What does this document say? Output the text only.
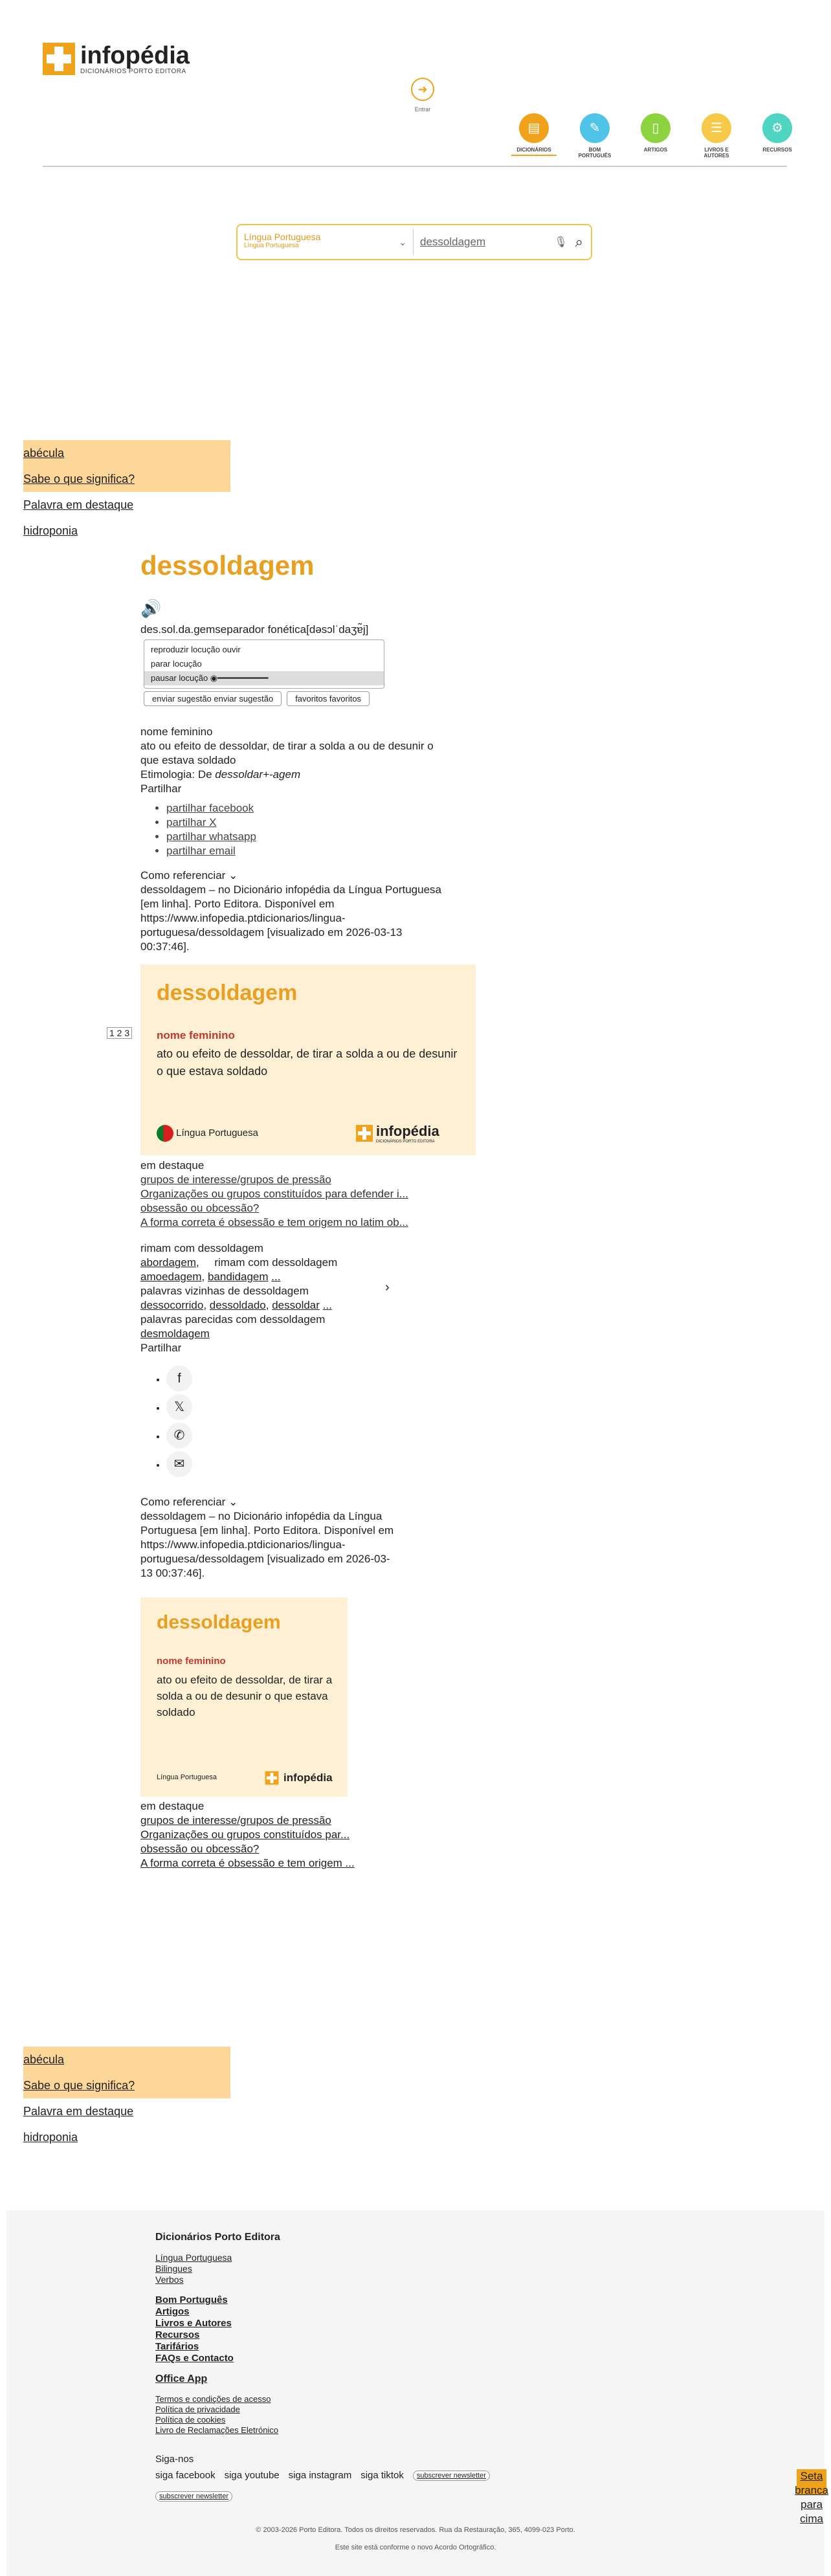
infopédia
DICIONÁRIOS PORTO EDITORA
➜
Entrar
▤
DICIONÁRIOS
✎
BOM PORTUGUÊS
▯
ARTIGOS
☰
LIVROS E AUTORES
⚙
RECURSOS
Língua Portuguesa
Língua Portuguesa	⌄	dessoldagem	🎙 ⌕
abécula
Sabe o que significa?
Palavra em destaque
hidroponia
dessoldagem
🔊
des.sol.da.gemseparador fonética[dəsɔlˈdaʒɐ̃j]
reproduzir locução ouvir
parar locução
pausar locução ◉━━━━━━━━━━
enviar sugestão enviar sugestão	favoritos favoritos
nome feminino
ato ou efeito de dessoldar, de tirar a solda a ou de desunir o que estava soldado
Etimologia: De dessoldar+-agem
Partilhar
• partilhar facebook
• partilhar X
• partilhar whatsapp
• partilhar email
Como referenciar ⌄
dessoldagem – no Dicionário infopédia da Língua Portuguesa [em linha]. Porto Editora. Disponível em https://www.infopedia.ptdicionarios/lingua-portuguesa/dessoldagem [visualizado em 2026-03-13 00:37:46].
1 2 3
dessoldagem
nome feminino
ato ou efeito de dessoldar, de tirar a solda a ou de desunir o que estava soldado
Língua Portuguesa	infopédia
DICIONÁRIOS PORTO EDITORA
em destaque
grupos de interesse/grupos de pressão
Organizações ou grupos constituídos para defender i...
obsessão ou obcessão?
A forma correta é obsessão e tem origem no latim ob...
rimam com dessoldagem
abordagem,     rimam com dessoldagem
amoedagem, bandidagem ...
palavras vizinhas de dessoldagem
dessocorrido, dessoldado, dessoldar ...
palavras parecidas com dessoldagem
desmoldagem
Partilhar
›
• f
• 𝕏
• ✆
• ✉
Como referenciar ⌄
dessoldagem – no Dicionário infopédia da Língua Portuguesa [em linha]. Porto Editora. Disponível em https://www.infopedia.ptdicionarios/lingua-portuguesa/dessoldagem [visualizado em 2026-03-13 00:37:46].
dessoldagem
nome feminino
ato ou efeito de dessoldar, de tirar a solda a ou de desunir o que estava soldado
Língua Portuguesa	infopédia
em destaque
grupos de interesse/grupos de pressão
Organizações ou grupos constituídos par...
obsessão ou obcessão?
A forma correta é obsessão e tem origem ...
abécula
Sabe o que significa?
Palavra em destaque
hidroponia
Dicionários Porto Editora
Língua Portuguesa
Bilingues
Verbos
Bom Português
Artigos
Livros e Autores
Recursos
Tarifários
FAQs e Contacto
Office App
Termos e condições de acesso
Política de privacidade
Política de cookies
Livro de Reclamações Eletrónico
Siga-nos
siga facebook siga youtube siga instagram siga tiktok	subscrever newsletter
subscrever newsletter
© 2003-2026 Porto Editora. Todos os direitos reservados. Rua da Restauração, 365, 4099-023 Porto.
Este site está conforme o novo Acordo Ortográfico.
Seta branca para cima
